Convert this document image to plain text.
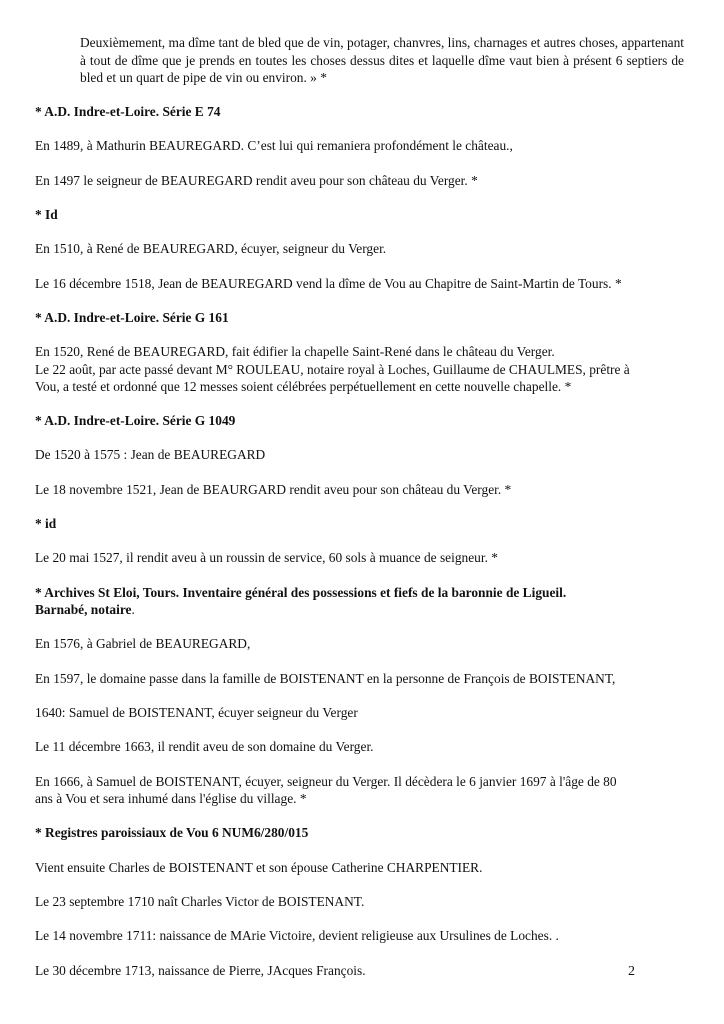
Deuxièmement, ma dîme tant de bled que de vin, potager, chanvres, lins, charnages et autres choses, appartenant à tout de dîme que je prends en toutes les choses dessus dites et laquelle dîme vaut bien à présent 6 septiers de bled et un quart de pipe de vin ou environ. » *
* A.D. Indre-et-Loire. Série E 74
En 1489, à Mathurin BEAUREGARD. C’est lui qui remaniera profondément le château.,
En 1497 le seigneur de BEAUREGARD rendit aveu pour son château du Verger. *
* Id
En 1510, à René de BEAUREGARD, écuyer, seigneur du Verger.
Le 16 décembre 1518, Jean de BEAUREGARD vend la dîme de Vou au Chapitre de Saint-Martin de Tours. *
* A.D. Indre-et-Loire. Série G 161
En 1520, René de BEAUREGARD, fait édifier la chapelle Saint-René dans le château du Verger.
Le 22 août, par acte passé devant M° ROULEAU, notaire royal à Loches, Guillaume de CHAULMES, prêtre à
Vou, a testé et ordonné que 12 messes soient célébrées perpétuellement en cette nouvelle chapelle. *
* A.D. Indre-et-Loire. Série G 1049
De 1520 à 1575 : Jean de BEAUREGARD
Le 18 novembre 1521, Jean de BEAURGARD rendit aveu pour son château du Verger. *
* id
Le 20 mai 1527, il rendit aveu à un roussin de service, 60 sols à muance de seigneur. *
* Archives St Eloi, Tours. Inventaire général des possessions et fiefs de la baronnie de Ligueil.
Barnabé, notaire.
En 1576, à Gabriel de BEAUREGARD,
En 1597, le domaine passe dans la famille de BOISTENANT en la personne de François de BOISTENANT,
1640: Samuel de BOISTENANT, écuyer seigneur du Verger
Le 11 décembre 1663, il rendit aveu de son domaine du Verger.
En 1666, à Samuel de BOISTENANT, écuyer, seigneur du Verger. Il décèdera le 6 janvier 1697 à l'âge de 80
ans à Vou et sera inhumé dans l'église du village. *
* Registres paroissiaux de Vou 6 NUM6/280/015
Vient ensuite Charles de BOISTENANT et son épouse Catherine CHARPENTIER.
Le 23 septembre 1710 naît Charles Victor de BOISTENANT.
Le 14 novembre 1711: naissance de MArie Victoire, devient religieuse aux Ursulines de Loches. .
Le 30 décembre 1713, naissance de Pierre, JAcques François.	2
